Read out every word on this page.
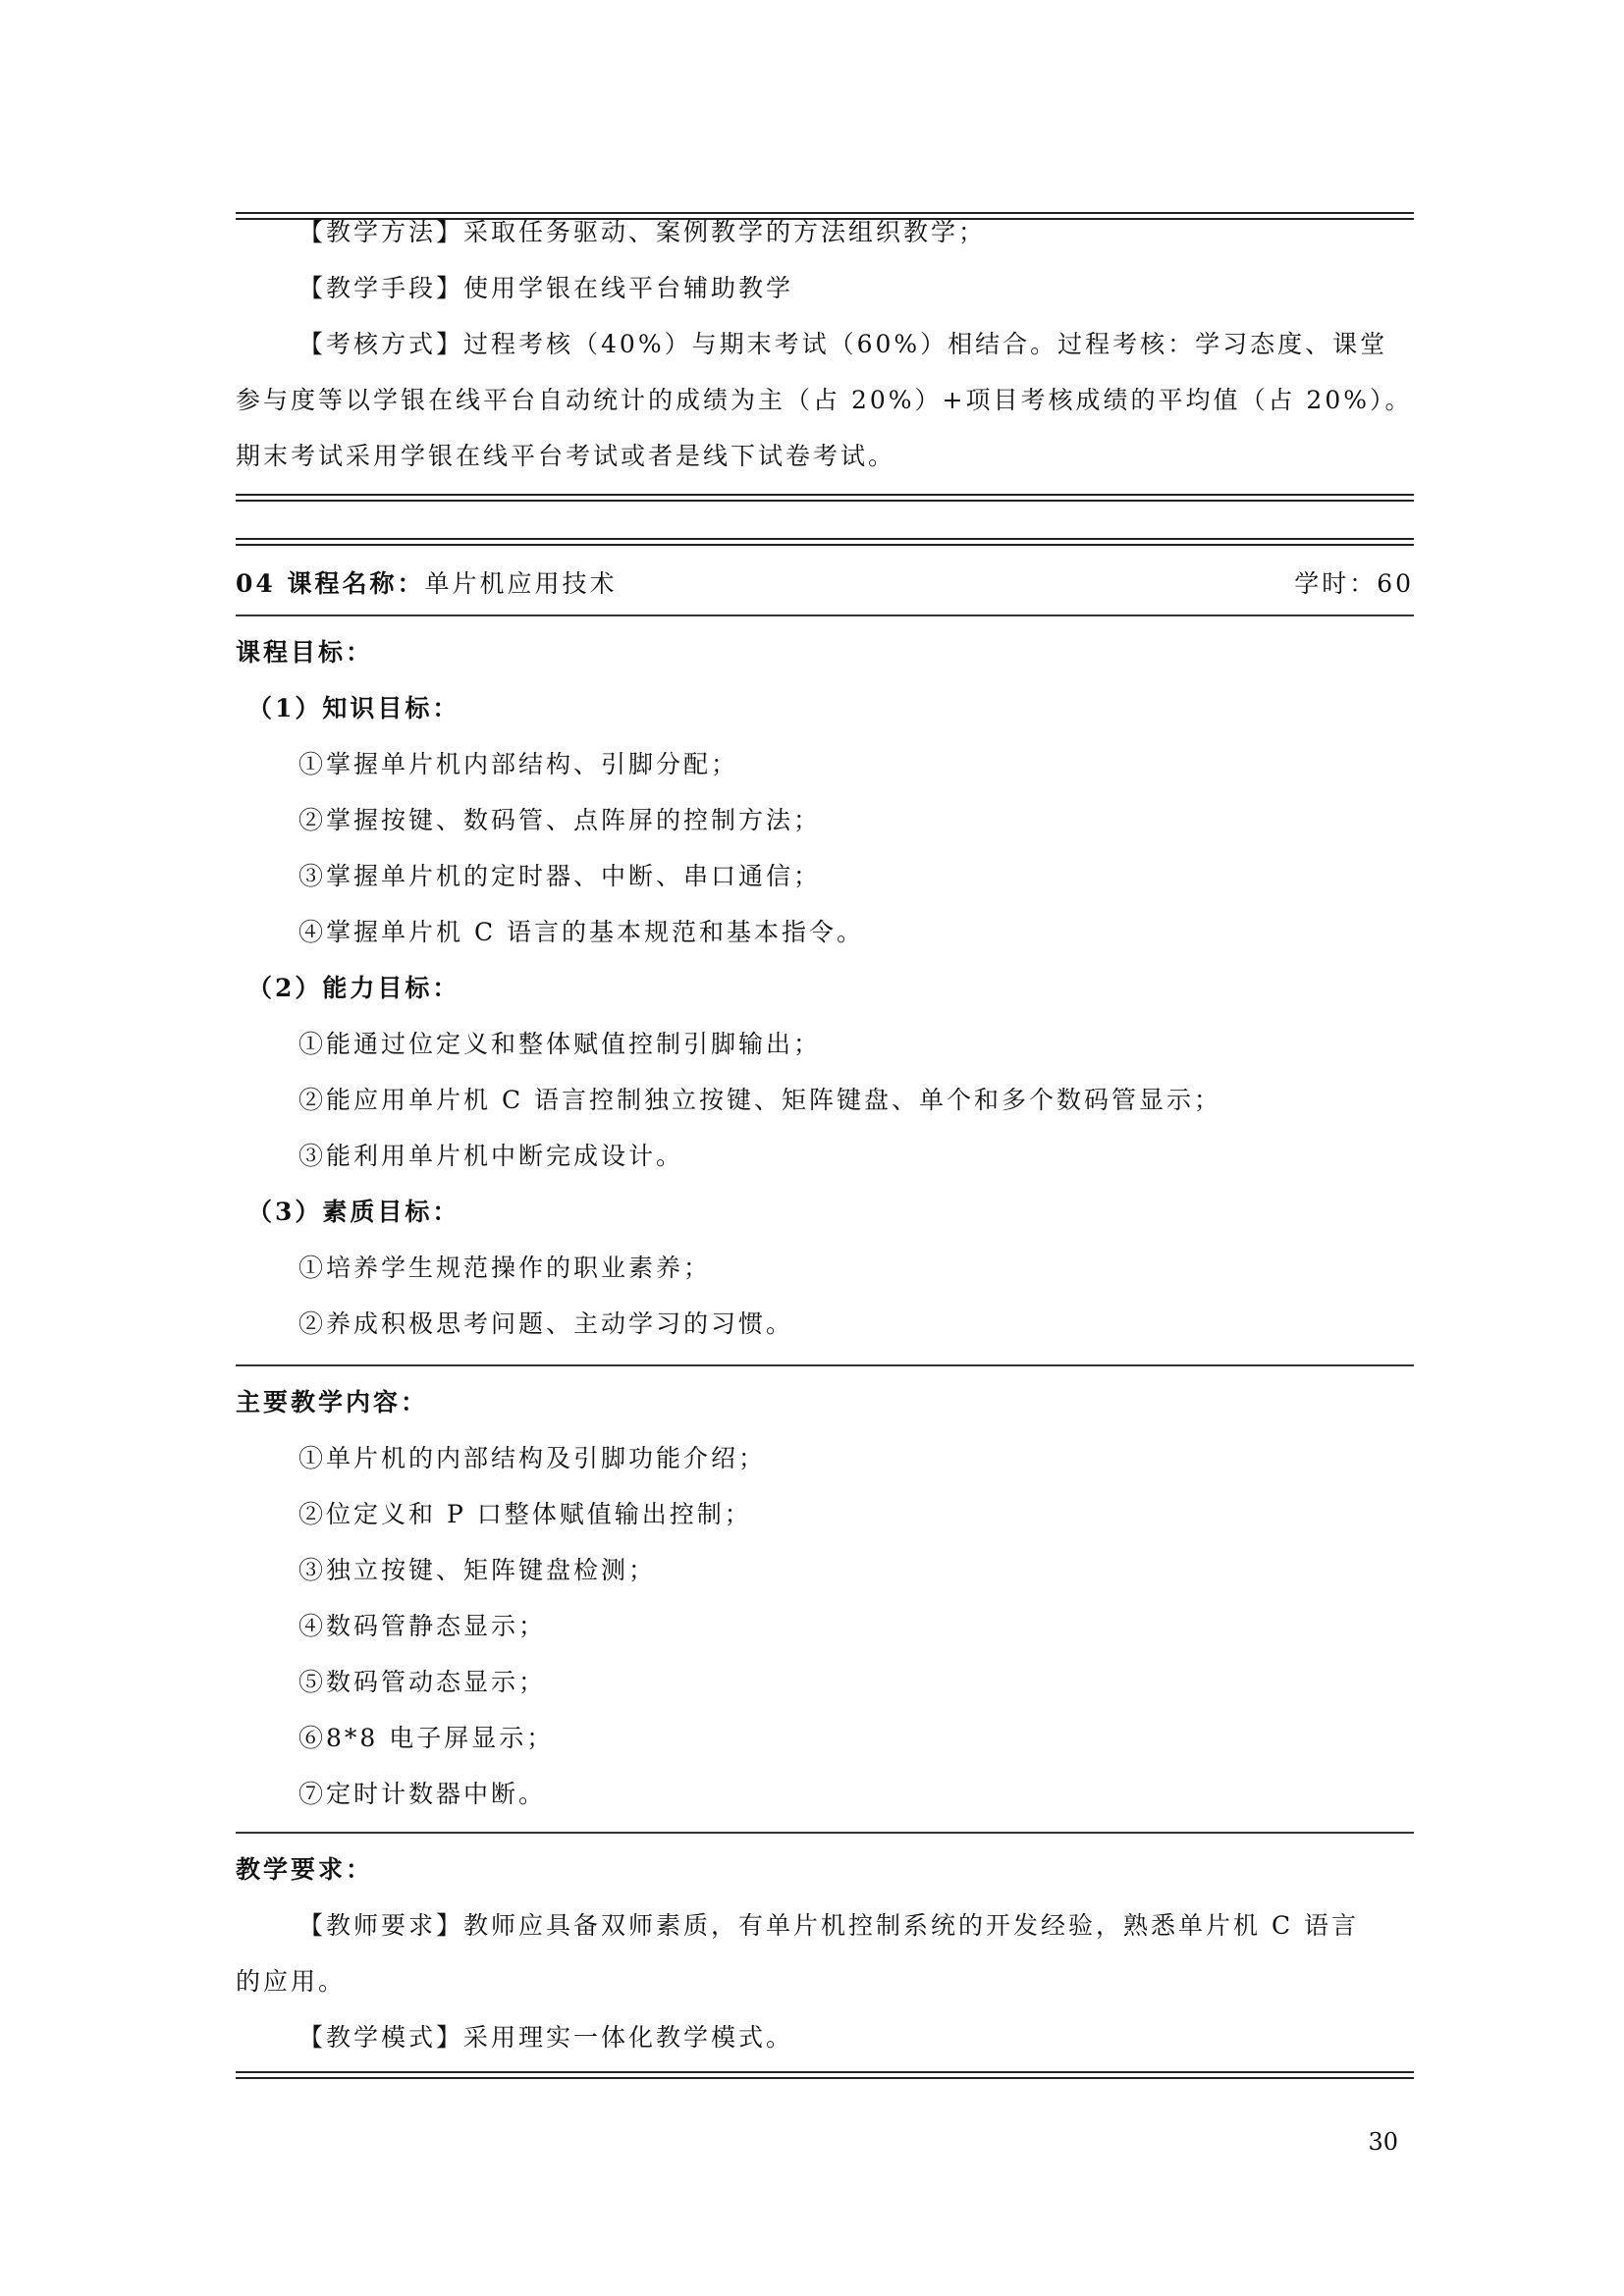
【教学方法】采取任务驱动、案例教学的方法组织教学；
【教学手段】使用学银在线平台辅助教学
【考核方式】过程考核（40%）与期末考试（60%）相结合。过程考核：学习态度、课堂
参与度等以学银在线平台自动统计的成绩为主（占 20%）+项目考核成绩的平均值（占 20%）。
期末考试采用学银在线平台考试或者是线下试卷考试。
04 课程名称：单片机应用技术	学时：60
课程目标：
（1）知识目标：
①掌握单片机内部结构、引脚分配；
②掌握按键、数码管、点阵屏的控制方法；
③掌握单片机的定时器、中断、串口通信；
④掌握单片机 C 语言的基本规范和基本指令。
（2）能力目标：
①能通过位定义和整体赋值控制引脚输出；
②能应用单片机 C 语言控制独立按键、矩阵键盘、单个和多个数码管显示；
③能利用单片机中断完成设计。
（3）素质目标：
①培养学生规范操作的职业素养；
②养成积极思考问题、主动学习的习惯。
主要教学内容：
①单片机的内部结构及引脚功能介绍；
②位定义和 P 口整体赋值输出控制；
③独立按键、矩阵键盘检测；
④数码管静态显示；
⑤数码管动态显示；
⑥8*8 电子屏显示；
⑦定时计数器中断。
教学要求：
【教师要求】教师应具备双师素质，有单片机控制系统的开发经验，熟悉单片机 C 语言
的应用。
【教学模式】采用理实一体化教学模式。
30
